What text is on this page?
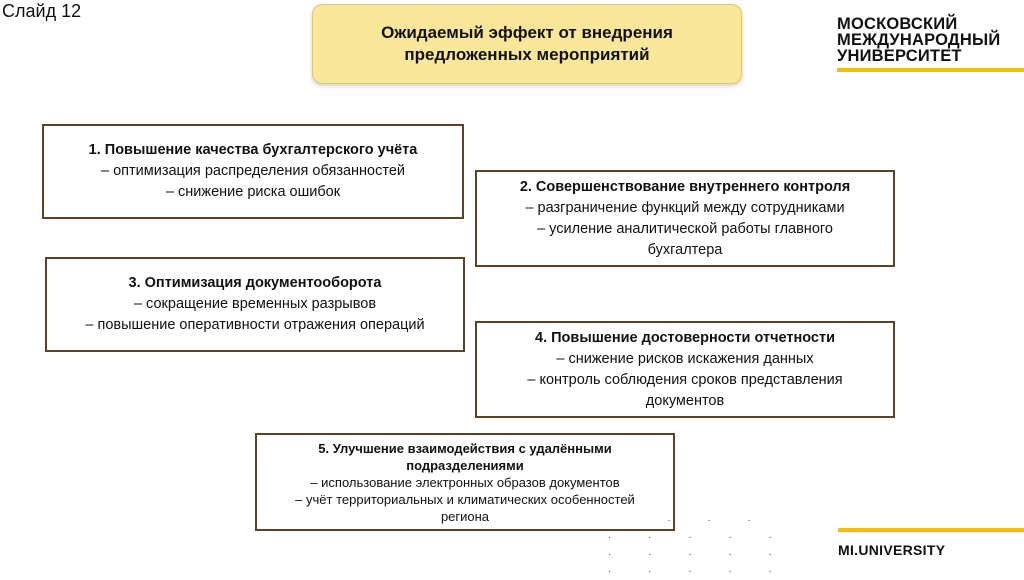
Слайд 12
Ожидаемый эффект от внедрения
предложенных мероприятий
МОСКОВСКИЙ
МЕЖДУНАРОДНЫЙ
УНИВЕРСИТЕТ
1. Повышение качества бухгалтерского учёта
– оптимизация распределения обязанностей
– снижение риска ошибок	2. Совершенствование внутреннего контроля
– разграничение функций между сотрудниками
– усиление аналитической работы главного
бухгалтера
3. Оптимизация документооборота
– сокращение временных разрывов
– повышение оперативности отражения операций
4. Повышение достоверности отчетности
– снижение рисков искажения данных
– контроль соблюдения сроков представления
документов
5. Улучшение взаимодействия с удалёнными
подразделениями
– использование электронных образов документов
– учёт территориальных и климатических особенностей
региона	· · ·
· · · · ·
· · · · ·
· · · · ·
MI.UNIVERSITY
